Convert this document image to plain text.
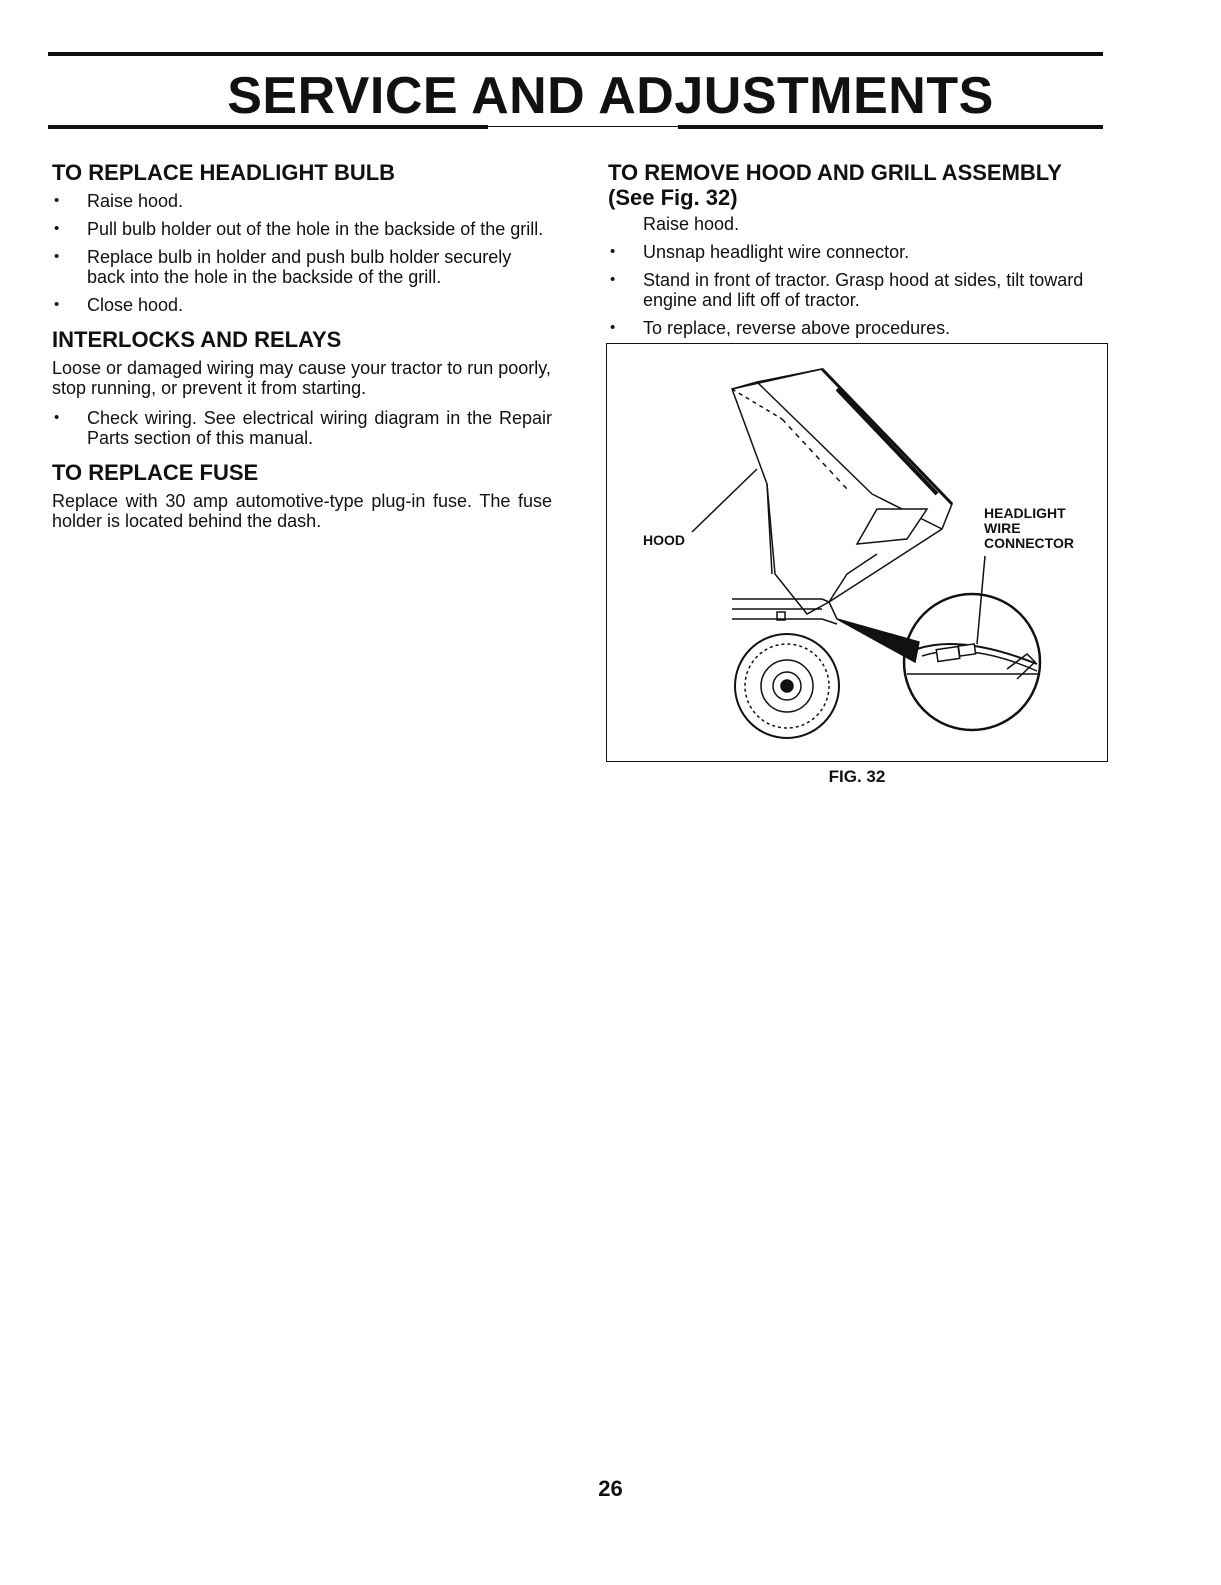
SERVICE AND ADJUSTMENTS
TO REPLACE HEADLIGHT BULB
• Raise hood.
• Pull bulb holder out of the hole in the backside of the grill.
• Replace bulb in holder and push bulb holder securely back into the hole in the backside of the grill.
• Close hood.
INTERLOCKS AND RELAYS

Loose or damaged wiring may cause your tractor to run poorly, stop running, or prevent it from starting.

• Check wiring. See electrical wiring diagram in the Repair Parts section of this manual.
TO REPLACE FUSE

Replace with 30 amp automotive-type plug-in fuse. The fuse holder is located behind the dash.

TO REMOVE HOOD AND GRILL ASSEMBLY
(See Fig. 32)
Raise hood.
• Unsnap headlight wire connector.
• Stand in front of tractor. Grasp hood at sides, tilt toward engine and lift off of tractor.
• To replace, reverse above procedures.
HOOD
HEADLIGHT
WIRE
CONNECTOR
FIG. 32
26
